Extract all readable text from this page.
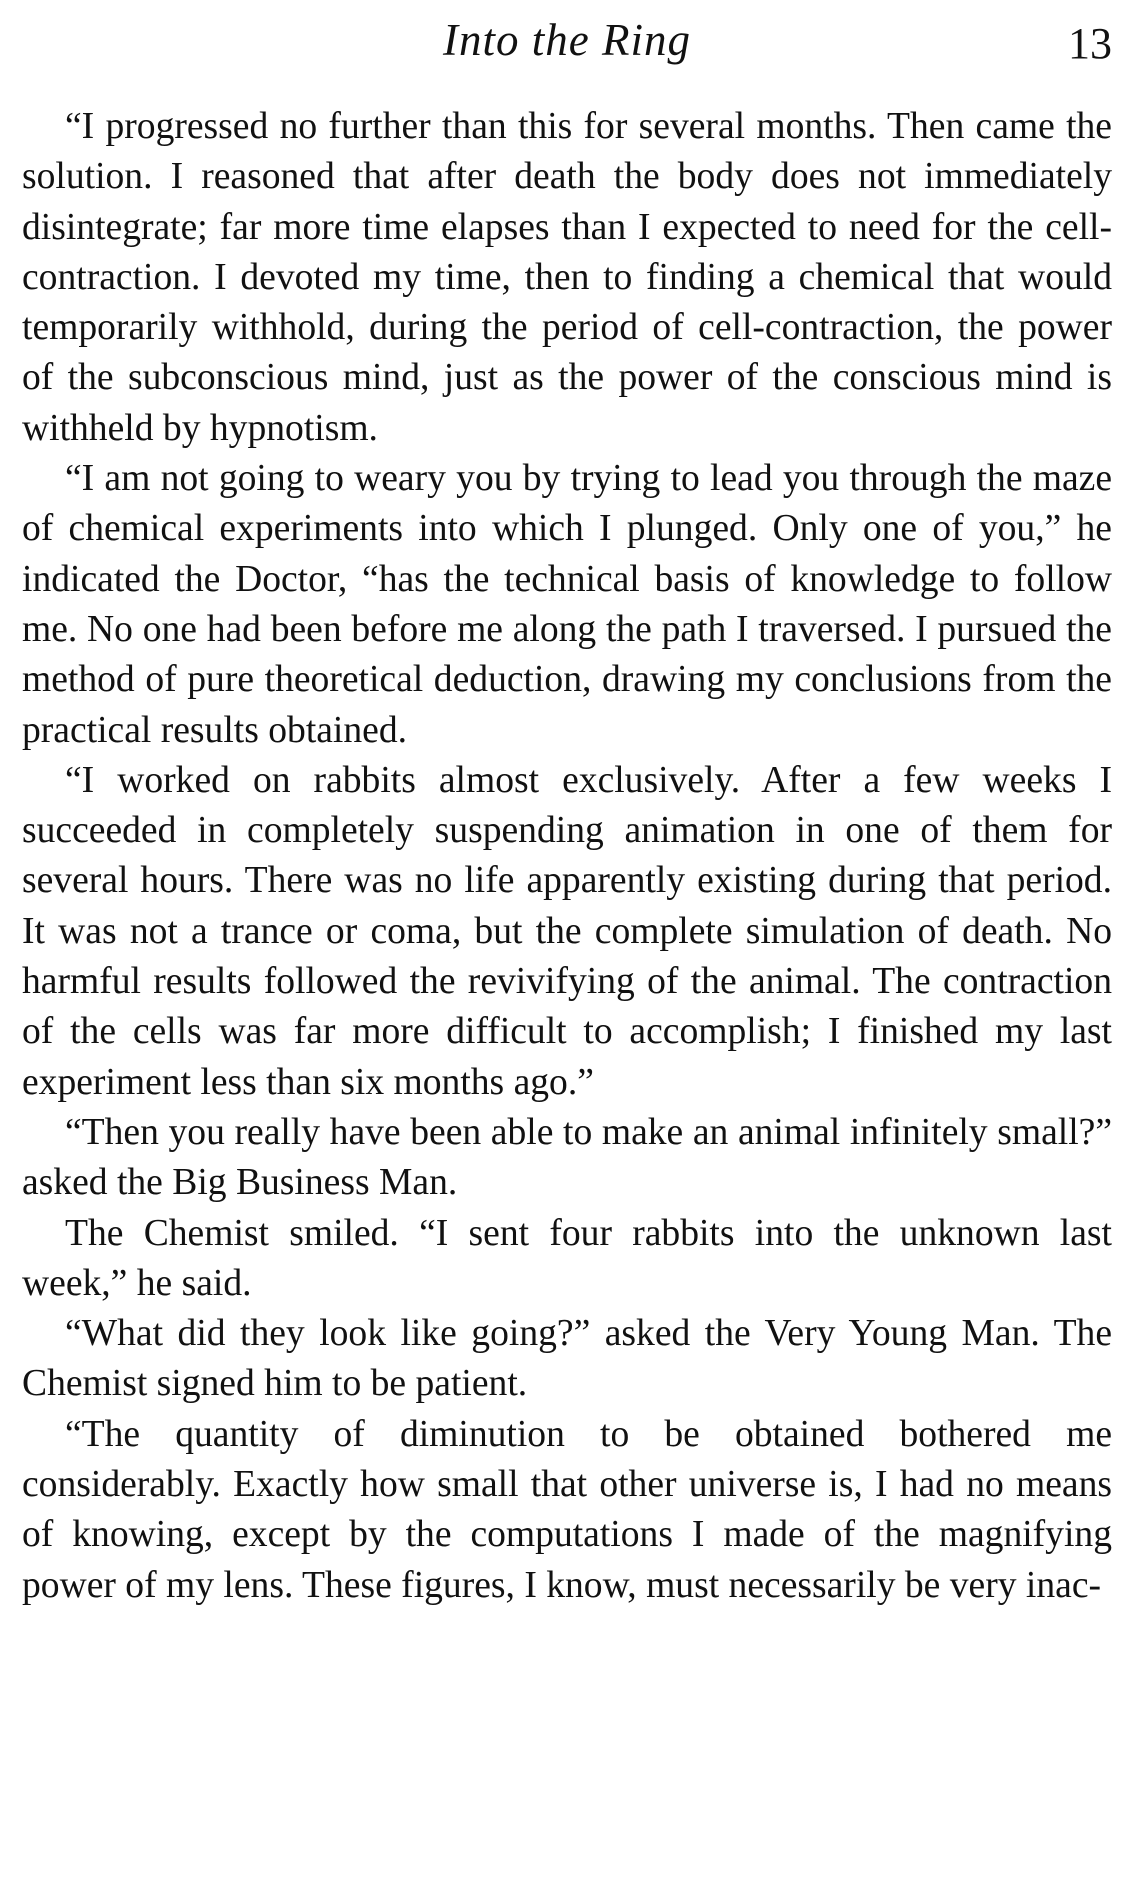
Into the Ring	13

“I progressed no further than this for several months. Then came the solution. I reasoned that after death the body does not immediately disintegrate; far more time elapses than I expected to need for the cell-contraction. I devoted my time, then to finding a chemical that would temporarily withhold, during the period of cell-contraction, the power of the subconscious mind, just as the power of the conscious mind is withheld by hypnotism.

“I am not going to weary you by trying to lead you through the maze of chemical experiments into which I plunged. Only one of you,” he indicated the Doctor, “has the technical basis of knowledge to follow me. No one had been before me along the path I traversed. I pursued the method of pure theoretical deduction, drawing my conclusions from the practical results obtained.

“I worked on rabbits almost exclusively. After a few weeks I succeeded in completely suspending animation in one of them for several hours. There was no life apparently existing during that period. It was not a trance or coma, but the complete simulation of death. No harmful results followed the revivifying of the animal. The contraction of the cells was far more difficult to accomplish; I finished my last experiment less than six months ago.”

“Then you really have been able to make an animal infinitely small?” asked the Big Business Man.

The Chemist smiled. “I sent four rabbits into the unknown last week,” he said.

“What did they look like going?” asked the Very Young Man. The Chemist signed him to be patient.

“The quantity of diminution to be obtained bothered me considerably. Exactly how small that other universe is, I had no means of knowing, except by the computations I made of the magnifying power of my lens. These figures, I know, must necessarily be very inac-
